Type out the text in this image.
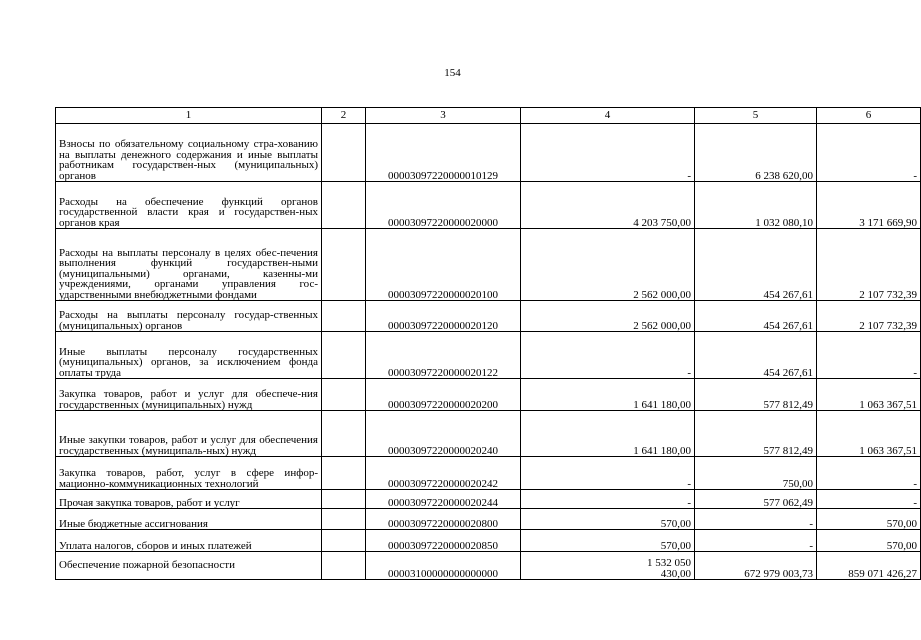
154
1	2	3	4	5	6
Взносы по обязательному социальному стра-хованию на выплаты денежного содержания и иные выплаты работникам государствен-ных (муниципальных) органов		00003097220000010129	-	6 238 620,00	-
Расходы на обеспечение функций органов государственной власти края и государствен-ных органов края		00003097220000020000	4 203 750,00	1 032 080,10	3 171 669,90
Расходы на выплаты персоналу в целях обес-печения выполнения функций государствен-ными (муниципальными) органами, казенны-ми учреждениями, органами управления гос-ударственными внебюджетными фондами		00003097220000020100	2 562 000,00	454 267,61	2 107 732,39
Расходы на выплаты персоналу государ-ственных (муниципальных) органов		00003097220000020120	2 562 000,00	454 267,61	2 107 732,39
Иные выплаты персоналу государственных (муниципальных) органов, за исключением фонда оплаты труда		00003097220000020122	-	454 267,61	-
Закупка товаров, работ и услуг для обеспече-ния государственных (муниципальных) нужд		00003097220000020200	1 641 180,00	577 812,49	1 063 367,51
Иные закупки товаров, работ и услуг для обеспечения государственных (муниципаль-ных) нужд		00003097220000020240	1 641 180,00	577 812,49	1 063 367,51
Закупка товаров, работ, услуг в сфере инфор-мационно-коммуникационных технологий		00003097220000020242	-	750,00	-
Прочая закупка товаров, работ и услуг		00003097220000020244	-	577 062,49	-
Иные бюджетные ассигнования		00003097220000020800	570,00	-	570,00
Уплата налогов, сборов и иных платежей		00003097220000020850	570,00	-	570,00
Обеспечение пожарной безопасности		00003100000000000000	1 532 050 430,00	672 979 003,73	859 071 426,27
